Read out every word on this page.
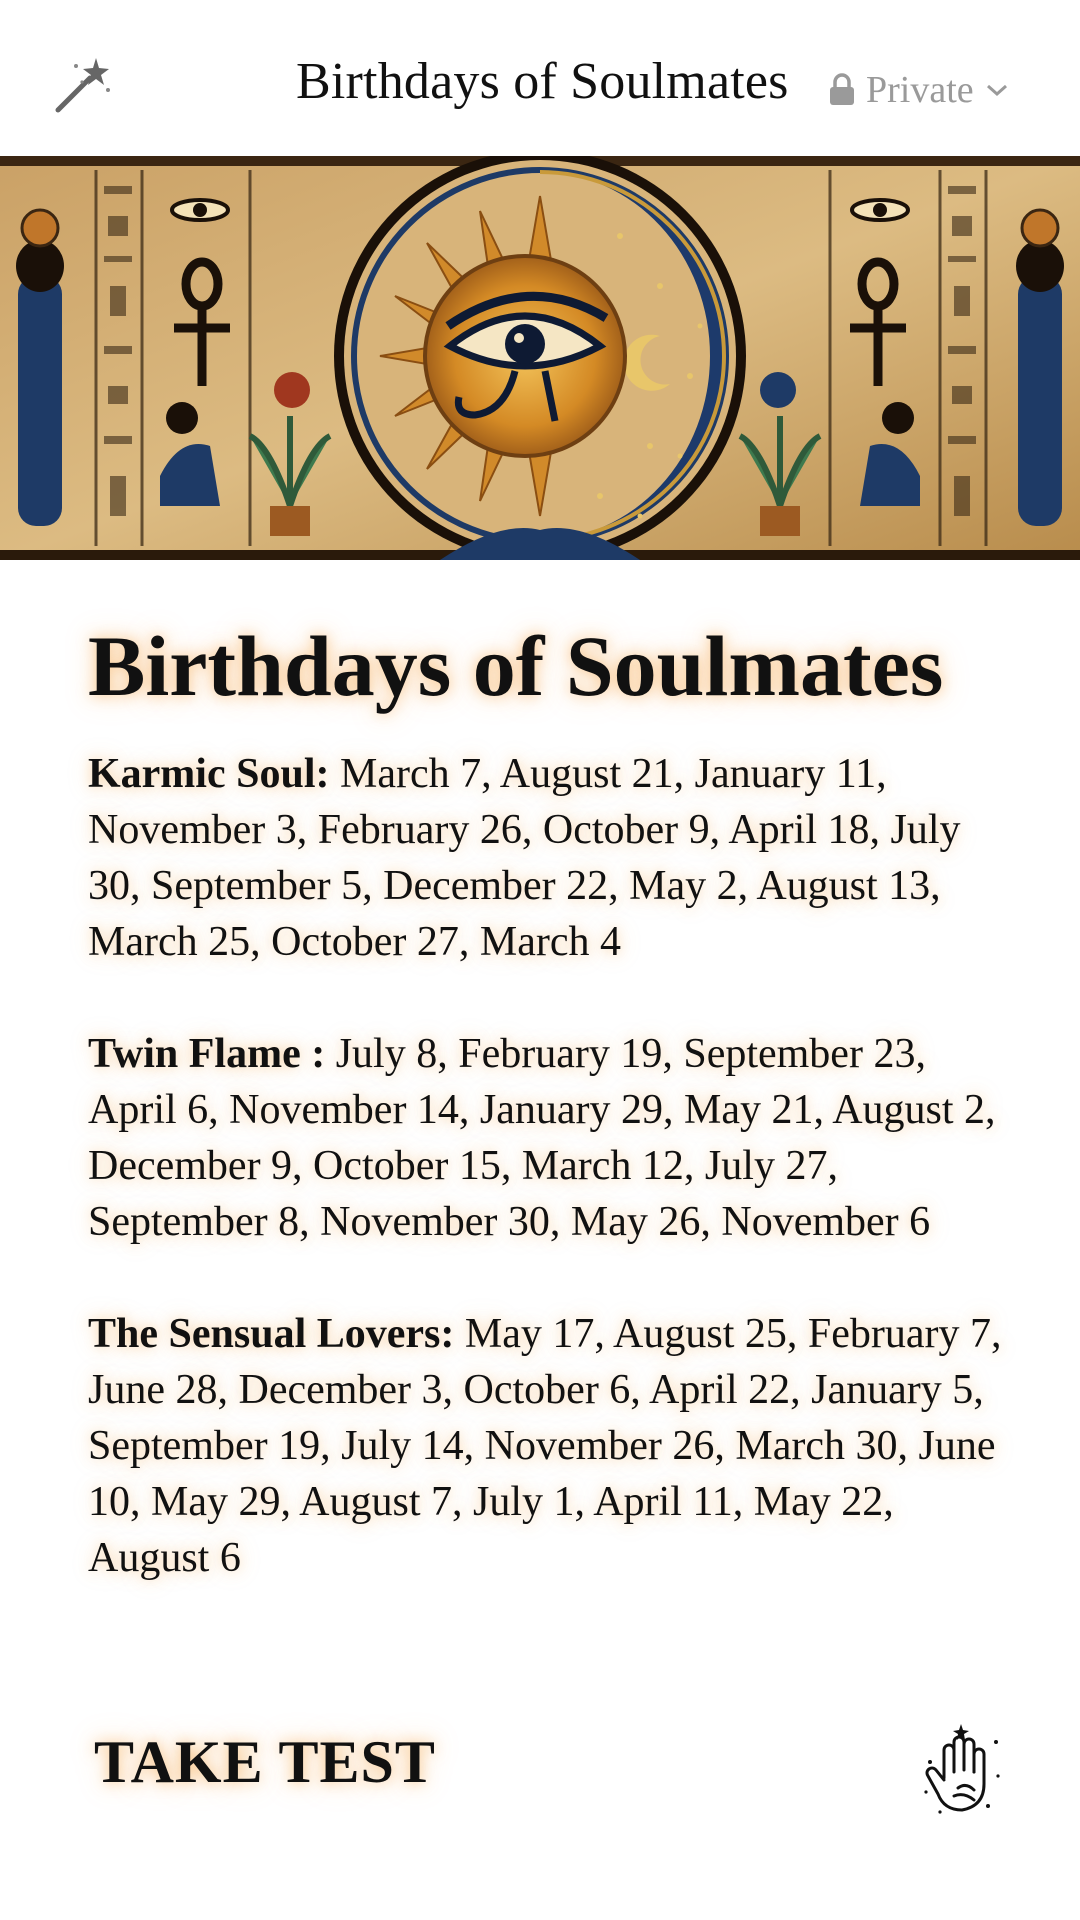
Birthdays of Soulmates Private
Birthdays of Soulmates

Karmic Soul: March 7, August 21, January 11, November 3, February 26, October 9, April 18, July 30, September 5, December 22, May 2, August 13, March 25, October 27, March 4

Twin Flame : July 8, February 19, September 23, April 6, November 14, January 29, May 21, August 2, December 9, October 15, March 12, July 27, September 8, November 30, May 26, November 6

The Sensual Lovers: May 17, August 25, February 7, June 28, December 3, October 6, April 22, January 5, September 19, July 14, November 26, March 30, June 10, May 29, August 7, July 1, April 11, May 22, August 6

TAKE TEST
